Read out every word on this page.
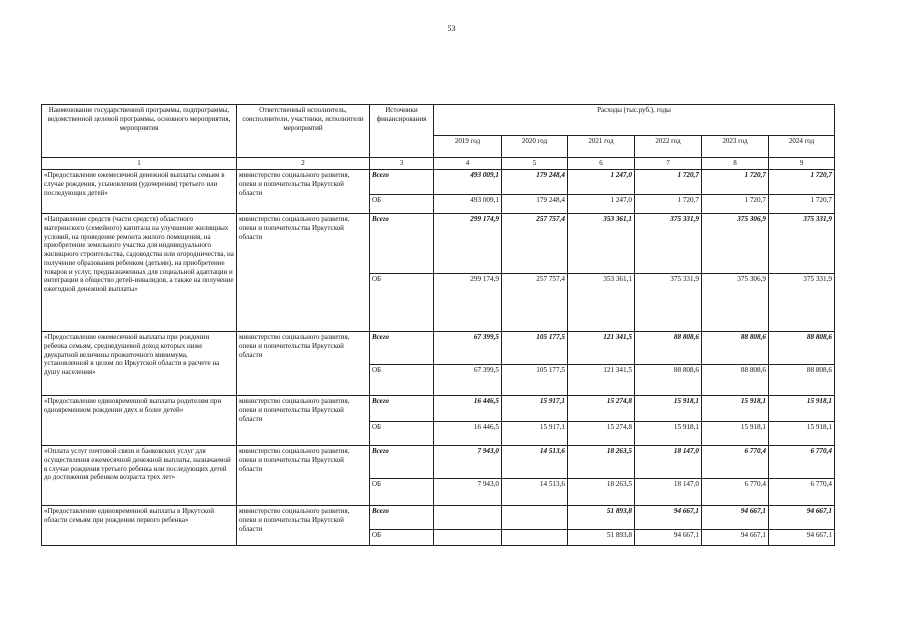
53
Наименование государственной программы, подпрограммы, ведомственной целевой программы, основного мероприятия, мероприятия	Ответственный исполнитель, соисполнители, участники, исполнители мероприятий	Источники финансирования	Расходы (тыс.руб.), годы					
			2019 год	2020 год	2021 год	2022 год	2023 год	2024 год
1	2	3	4	5	6	7	8	9
«Предоставление ежемесячной денежной выплаты семьям в случае рождения, усыновления (удочерения) третьего или последующих детей»	министерство социального развития, опеки и попечительства Иркутской области	Всего	493 009,1	179 248,4	1 247,0	1 720,7	1 720,7	1 720,7
		ОБ	493 009,1	179 248,4	1 247,0	1 720,7	1 720,7	1 720,7
«Направление средств (части средств) областного материнского (семейного) капитала на улучшение жилищных условий, на проведение ремонта жилого помещения, на приобретение земельного участка для индивидуального жилищного строительства, садоводства или огородничества, на получение образования ребенком (детьми), на приобретение товаров и услуг, предназначенных для социальной адаптации и интеграции в общество детей-инвалидов, а также на получение ежегодной денежной выплаты»	министерство социального развития, опеки и попечительства Иркутской области	Всего	299 174,9	257 757,4	353 361,1	375 331,9	375 306,9	375 331,9
		ОБ	299 174,9	257 757,4	353 361,1	375 331,9	375 306,9	375 331,9
«Предоставление ежемесячной выплаты при рождении ребенка семьям, среднедушевой доход которых ниже двукратной величины прожиточного минимума, установленной в целом по Иркутской области в расчете на душу населения»	министерство социального развития, опеки и попечительства Иркутской области	Всего	67 399,5	105 177,5	121 341,5	88 808,6	88 808,6	88 808,6
		ОБ	67 399,5	105 177,5	121 341,5	88 808,6	88 808,6	88 808,6
«Предоставление единовременной выплаты родителям при одновременном рождении двух и более детей»	министерство социального развития, опеки и попечительства Иркутской области	Всего	16 446,5	15 917,1	15 274,8	15 918,1	15 918,1	15 918,1
		ОБ	16 446,5	15 917,1	15 274,8	15 918,1	15 918,1	15 918,1
«Оплата услуг почтовой связи и банковских услуг для осуществления ежемесячной денежной выплаты, назначаемой в случае рождения третьего ребенка или последующих детей до достижения ребенком возраста трех лет»	министерство социального развития, опеки и попечительства Иркутской области	Всего	7 943,0	14 513,6	18 263,5	18 147,0	6 770,4	6 770,4
		ОБ	7 943,0	14 513,6	18 263,5	18 147,0	6 770,4	6 770,4
«Предоставление единовременной выплаты в Иркутской области семьям при рождении первого ребенка»	министерство социального развития, опеки и попечительства Иркутской области	Всего			51 893,8	94 667,1	94 667,1	94 667,1
		ОБ			51 893,8	94 667,1	94 667,1	94 667,1
